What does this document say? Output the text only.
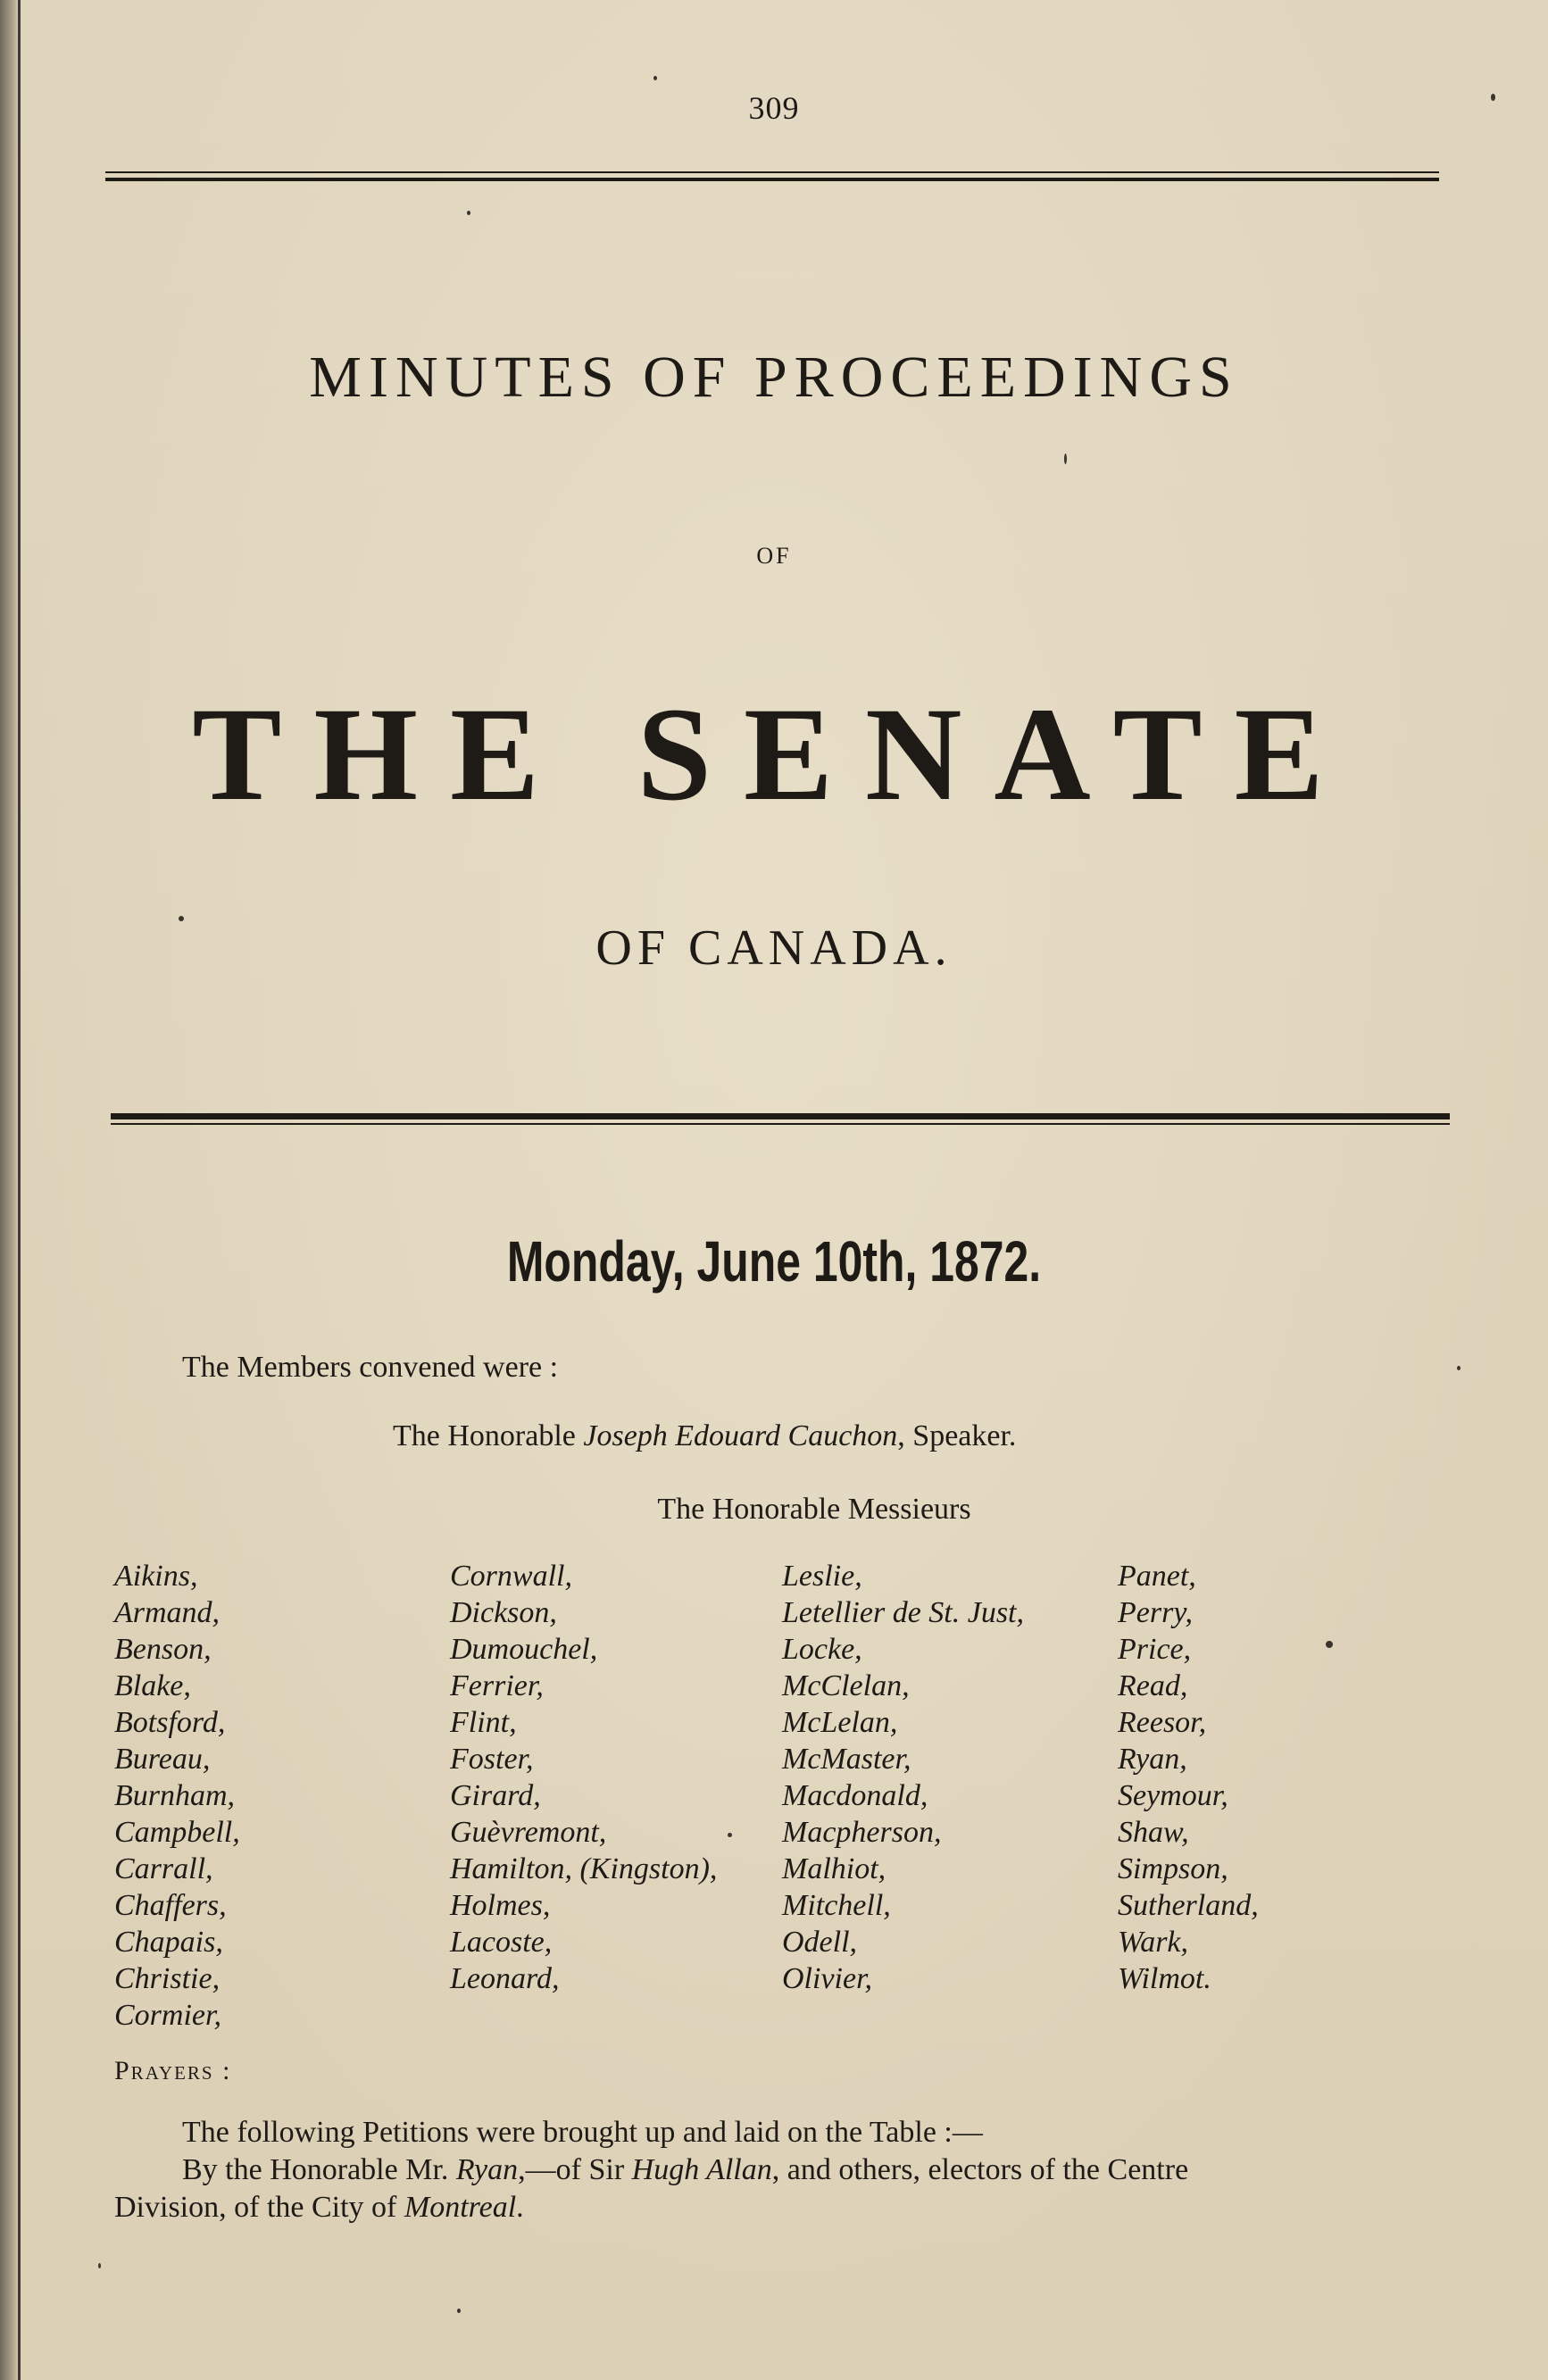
309
MINUTES OF PROCEEDINGS
OF
THE SENATE
OF CANADA.
Monday, June 10th, 1872.
The Members convened were :
The Honorable Joseph Edouard Cauchon, Speaker.
The Honorable Messieurs
Aikins,
Armand,
Benson,
Blake,
Botsford,
Bureau,
Burnham,
Campbell,
Carrall,
Chaffers,
Chapais,
Christie,
Cormier,
Cornwall,
Dickson,
Dumouchel,
Ferrier,
Flint,
Foster,
Girard,
Guèvremont,
Hamilton, (Kingston),
Holmes,
Lacoste,
Leonard,
Leslie,
Letellier de St. Just,
Locke,
McClelan,
McLelan,
McMaster,
Macdonald,
Macpherson,
Malhiot,
Mitchell,
Odell,
Olivier,
Panet,
Perry,
Price,
Read,
Reesor,
Ryan,
Seymour,
Shaw,
Simpson,
Sutherland,
Wark,
Wilmot.
Prayers :
The following Petitions were brought up and laid on the Table :—
By the Honorable Mr. Ryan,—of Sir Hugh Allan, and others, electors of the Centre
Division, of the City of Montreal.
